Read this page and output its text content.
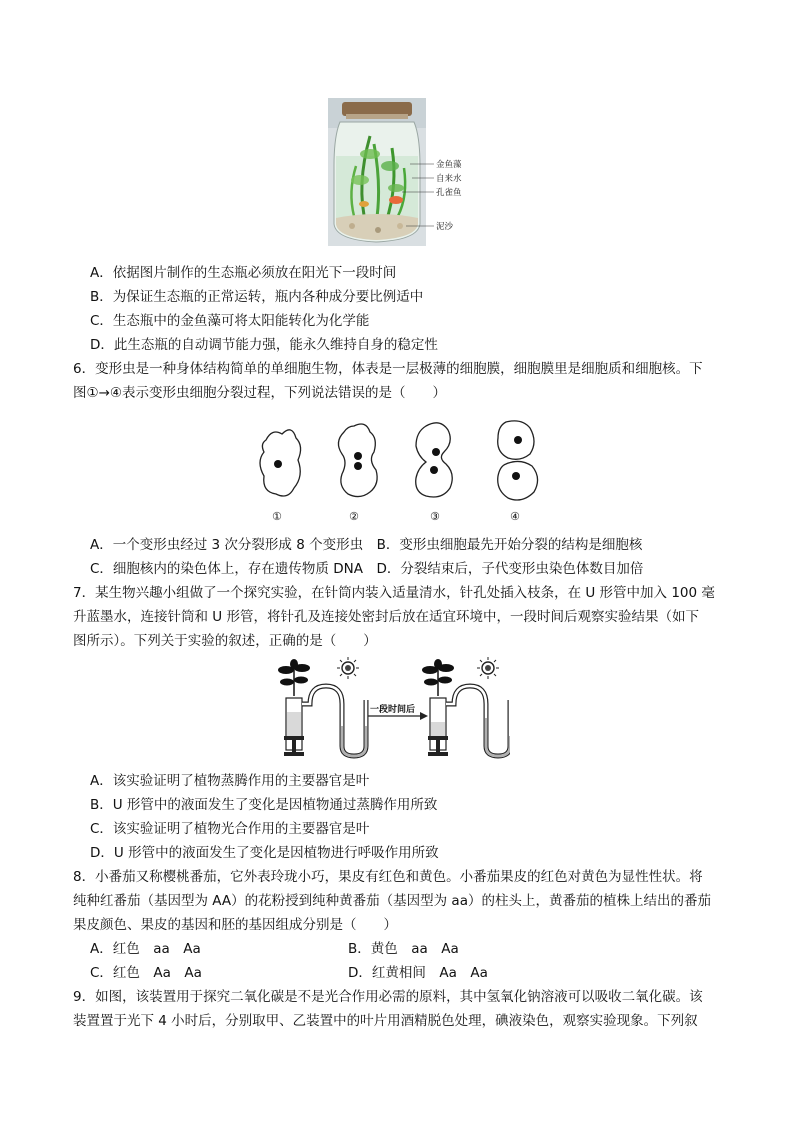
金鱼藻
自来水
孔雀鱼
泥沙
A．依据图片制作的生态瓶必须放在阳光下一段时间
B．为保证生态瓶的正常运转，瓶内各种成分要比例适中
C．生态瓶中的金鱼藻可将太阳能转化为化学能
D．此生态瓶的自动调节能力强，能永久维持自身的稳定性
6．变形虫是一种身体结构简单的单细胞生物，体表是一层极薄的细胞膜，细胞膜里是细胞质和细胞核。下
图①→④表示变形虫细胞分裂过程，下列说法错误的是（　　）
①	②	③	④
A．一个变形虫经过 3 次分裂形成 8 个变形虫　B．变形虫细胞最先开始分裂的结构是细胞核
C．细胞核内的染色体上，存在遗传物质 DNA　D．分裂结束后，子代变形虫染色体数目加倍
7．某生物兴趣小组做了一个探究实验，在针筒内装入适量清水，针孔处插入枝条，在 U 形管中加入 100 毫
升蓝墨水，连接针筒和 U 形管，将针孔及连接处密封后放在适宜环境中，一段时间后观察实验结果（如下
图所示）。下列关于实验的叙述，正确的是（　　）
一段时间后
A．该实验证明了植物蒸腾作用的主要器官是叶
B．U 形管中的液面发生了变化是因植物通过蒸腾作用所致
C．该实验证明了植物光合作用的主要器官是叶
D．U 形管中的液面发生了变化是因植物进行呼吸作用所致
8．小番茄又称樱桃番茄，它外表玲珑小巧，果皮有红色和黄色。小番茄果皮的红色对黄色为显性性状。将
纯种红番茄（基因型为 AA）的花粉授到纯种黄番茄（基因型为 aa）的柱头上，黄番茄的植株上结出的番茄
果皮颜色、果皮的基因和胚的基因组成分别是（　　）
A．红色　aa　Aa	B．黄色　aa　Aa
C．红色　Aa　Aa	D．红黄相间　Aa　Aa
9．如图，该装置用于探究二氧化碳是不是光合作用必需的原料，其中氢氧化钠溶液可以吸收二氧化碳。该
装置置于光下 4 小时后，分别取甲、乙装置中的叶片用酒精脱色处理，碘液染色，观察实验现象。下列叙
